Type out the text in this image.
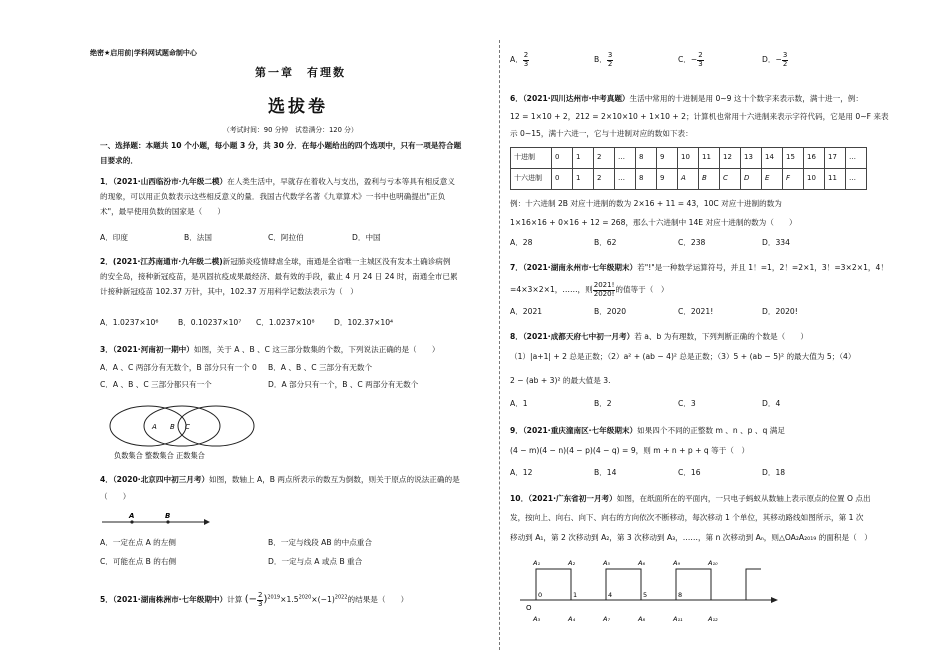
绝密★启用前|学科网试题命制中心
第一章　有理数
选拔卷
（考试时间：90 分钟　试卷满分：120 分）
一、选择题：本题共 10 个小题，每小题 3 分，共 30 分．在每小题给出的四个选项中，只有一项是符合题
目要求的．
1．（2021·山西临汾市·九年级二模）在人类生活中，早就存在着收入与支出，盈利与亏本等具有相反意义
的现象，可以用正负数表示这些相反意义的量．我国古代数学名著《九章算术》一书中也明确提出"正负
术"，最早使用负数的国家是（　　）
A．印度	B．法国	C．阿拉伯	D．中国
2．(2021·江苏南通市·九年级二模)新冠肺炎疫情肆虐全球，南通是全省唯一主城区没有发本土确诊病例
的安全岛，接种新冠疫苗，是巩固抗疫成果最经济、最有效的手段，截止 4 月 24 日 24 时，南通全市已累
计接种新冠疫苗 102.37 万针，其中，102.37 万用科学记数法表示为（　）
A．1.0237×10⁶	B．0.10237×10⁷ C．1.0237×10⁸	D．102.37×10⁴
3．（2021·河南初一期中）如图，关于 A 、B 、C 这三部分数集的个数，下列说法正确的是（　　）
A．A 、C 两部分有无数个，B 部分只有一个 0 B．A 、B 、C 三部分有无数个
C．A 、B 、C 三部分都只有一个	D．A 部分只有一个，B 、C 两部分有无数个
A B C
负数集合 整数集合 正数集合
4．（2020·北京四中初三月考）如图，数轴上 A，B 两点所表示的数互为倒数，则关于原点的说法正确的是
（　　）
A	B
A．一定在点 A 的左侧	B．一定与线段 AB 的中点重合
C．可能在点 B 的右侧	D．一定与点 A 或点 B 重合
5．（2021·湖南株洲市·七年级期中）计算 (− $\frac{2}{3} )^{2019}\times 1.5^{2020}\times(-1)^{2022}$的结果是（　　）
A． $\frac{2}{3}$	B． $\frac{3}{2}$	C．− $\frac{2}{3}$	D．− $\frac{3}{2}$
6．（2021·四川达州市·中考真题）生活中常用的十进制是用 0~9 这十个数字来表示数，满十进一，例：
12 = 1×10 + 2，212 = 2×10×10 + 1×10 + 2；计算机也常用十六进制来表示字符代码，它是用 0~F 来表
示 0~15，满十六进一，它与十进制对应的数如下表：
十进制	0	1	2	…	8	9	10	11	12	13	14	15	16	17	…
十六进制	0	1	2	…	8	9	A	B	C	D	E	F	10	11	…
例：十六进制 2B 对应十进制的数为 2×16 + 11 = 43，10C 对应十进制的数为
1×16×16 + 0×16 + 12 = 268，那么十六进制中 14E 对应十进制的数为（　　）
A．28	B．62	C．238	D．334
7．（2021·湖南永州市·七年级期末）若"!"是一种数学运算符号，并且 1！=1，2！=2×1，3！=3×2×1，4！
=4×3×2×1，……，则 $\frac{2021!}{2020!}$ 的值等于（　）
A．2021	B．2020	C．2021!	D．2020!
8．（2021·成都天府七中初一月考）若 a、b 为有理数，下列判断正确的个数是（　　）
（1）|a+1| + 2 总是正数；（2）a² + (ab − 4)² 总是正数；（3）5 + (ab − 5)² 的最大值为 5；（4）
2 − (ab + 3)² 的最大值是 3.
A．1	B．2	C．3	D．4
9．（2021·重庆潼南区·七年级期末）如果四个不同的正整数 m 、n 、p 、q 满足
(4 − m)(4 − n)(4 − p)(4 − q) = 9，则 m + n + p + q 等于（　）
A．12	B．14	C．16	D．18
10．（2021·广东省初一月考）如图，在纸面所在的平面内，一只电子蚂蚁从数轴上表示原点的位置 O 点出
发，按向上、向右、向下、向右的方向依次不断移动，每次移动 1 个单位，其移动路线如图所示，第 1 次
移动到 A₁，第 2 次移动到 A₂，第 3 次移动到 A₃，……，第 n 次移动到 Aₙ，则△OA₂A₂₀₁₉ 的面积是（　）
O
A₁	A₂	A₅	A₆	A₉	A₁₀
A₃	A₄	A₇	A₈	A₁₁	A₁₂
0	1	4	5	8
